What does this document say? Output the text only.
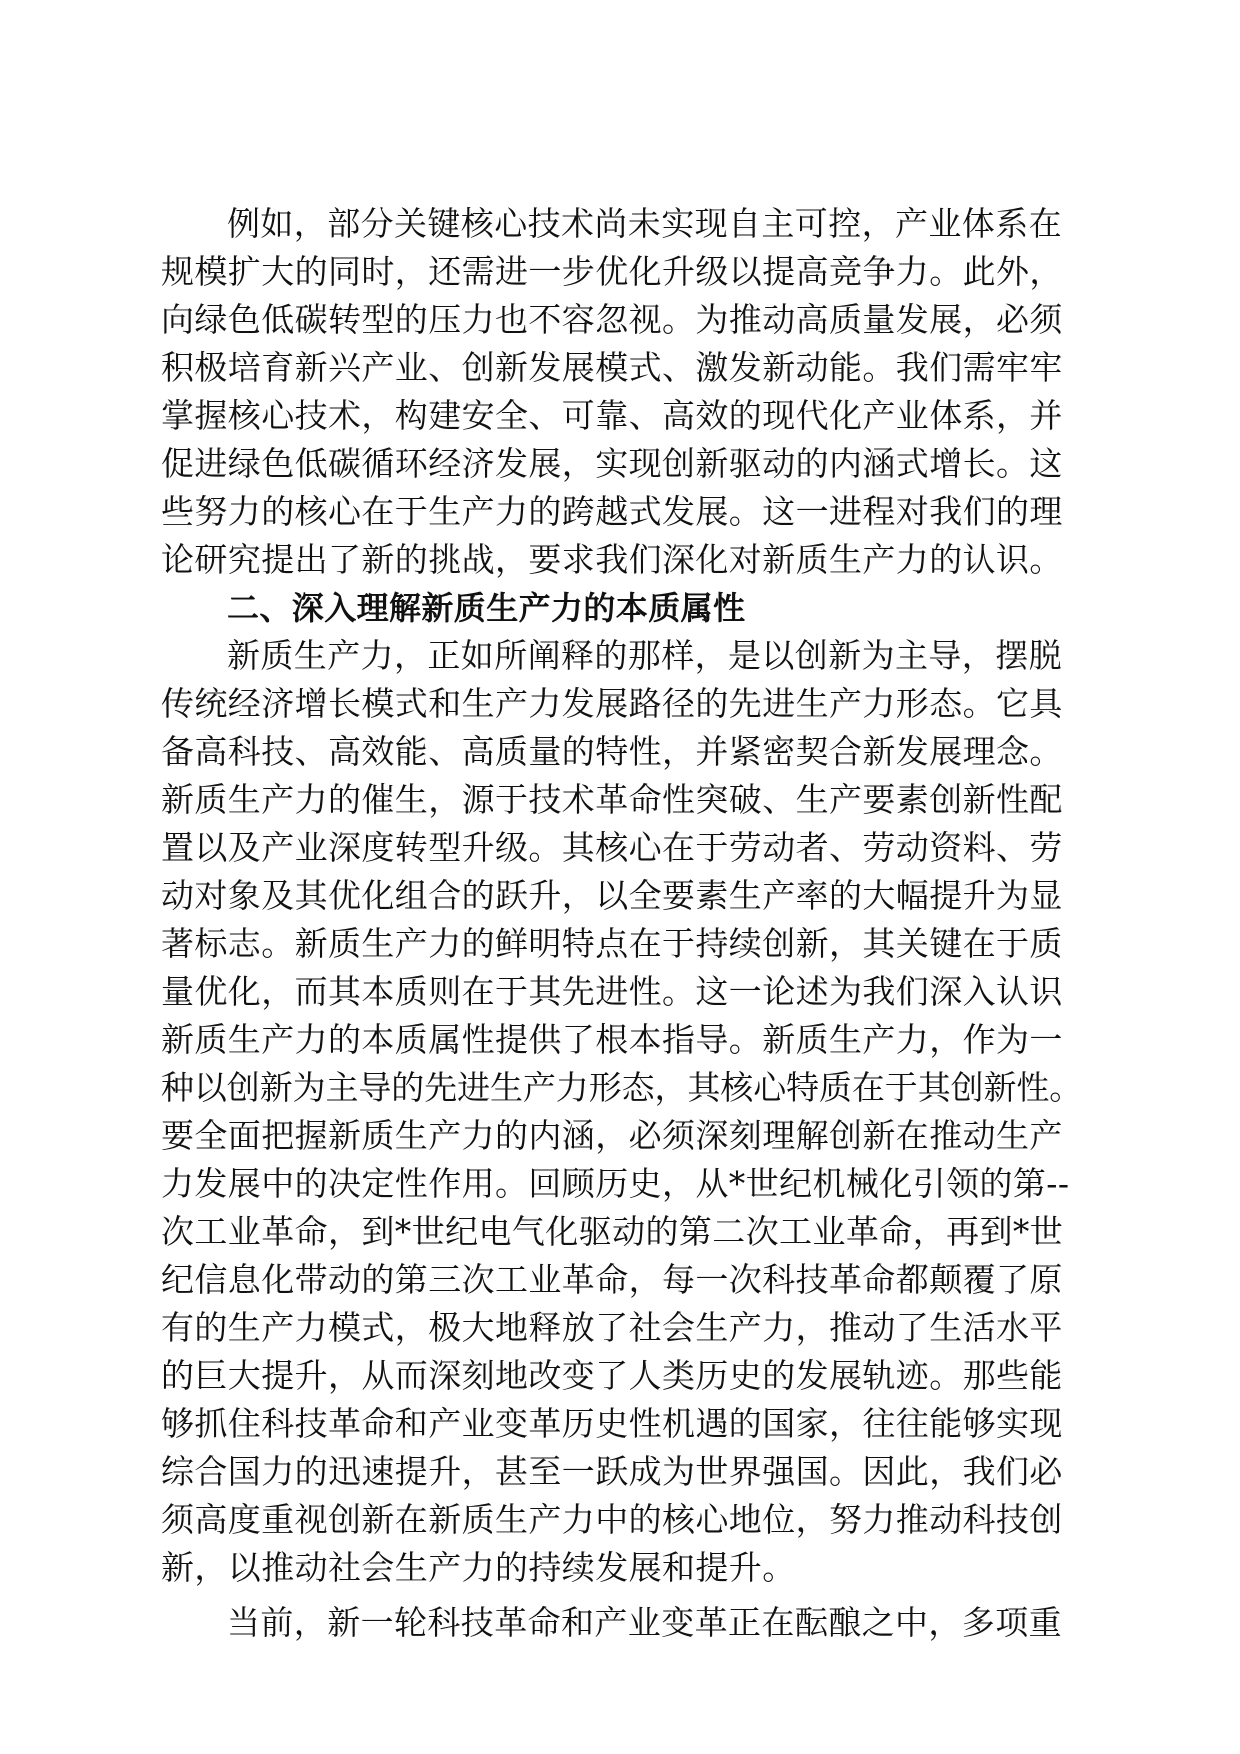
例如，部分关键核心技术尚未实现自主可控，产业体系在
规模扩大的同时，还需进一步优化升级以提高竞争力。此外，
向绿色低碳转型的压力也不容忽视。为推动高质量发展，必须
积极培育新兴产业、创新发展模式、激发新动能。我们需牢牢
掌握核心技术，构建安全、可靠、高效的现代化产业体系，并
促进绿色低碳循环经济发展，实现创新驱动的内涵式增长。这
些努力的核心在于生产力的跨越式发展。这一进程对我们的理
论研究提出了新的挑战，要求我们深化对新质生产力的认识。
二、深入理解新质生产力的本质属性
新质生产力，正如所阐释的那样，是以创新为主导，摆脱
传统经济增长模式和生产力发展路径的先进生产力形态。它具
备高科技、高效能、高质量的特性，并紧密契合新发展理念。
新质生产力的催生，源于技术革命性突破、生产要素创新性配
置以及产业深度转型升级。其核心在于劳动者、劳动资料、劳
动对象及其优化组合的跃升，以全要素生产率的大幅提升为显
著标志。新质生产力的鲜明特点在于持续创新，其关键在于质
量优化，而其本质则在于其先进性。这一论述为我们深入认识
新质生产力的本质属性提供了根本指导。新质生产力，作为一
种以创新为主导的先进生产力形态，其核心特质在于其创新性。
要全面把握新质生产力的内涵，必须深刻理解创新在推动生产
力发展中的决定性作用。回顾历史，从*世纪机械化引领的第--
次工业革命，到*世纪电气化驱动的第二次工业革命，再到*世
纪信息化带动的第三次工业革命，每一次科技革命都颠覆了原
有的生产力模式，极大地释放了社会生产力，推动了生活水平
的巨大提升，从而深刻地改变了人类历史的发展轨迹。那些能
够抓住科技革命和产业变革历史性机遇的国家，往往能够实现
综合国力的迅速提升，甚至一跃成为世界强国。因此，我们必
须高度重视创新在新质生产力中的核心地位，努力推动科技创
新，以推动社会生产力的持续发展和提升。
当前，新一轮科技革命和产业变革正在酝酿之中，多项重
